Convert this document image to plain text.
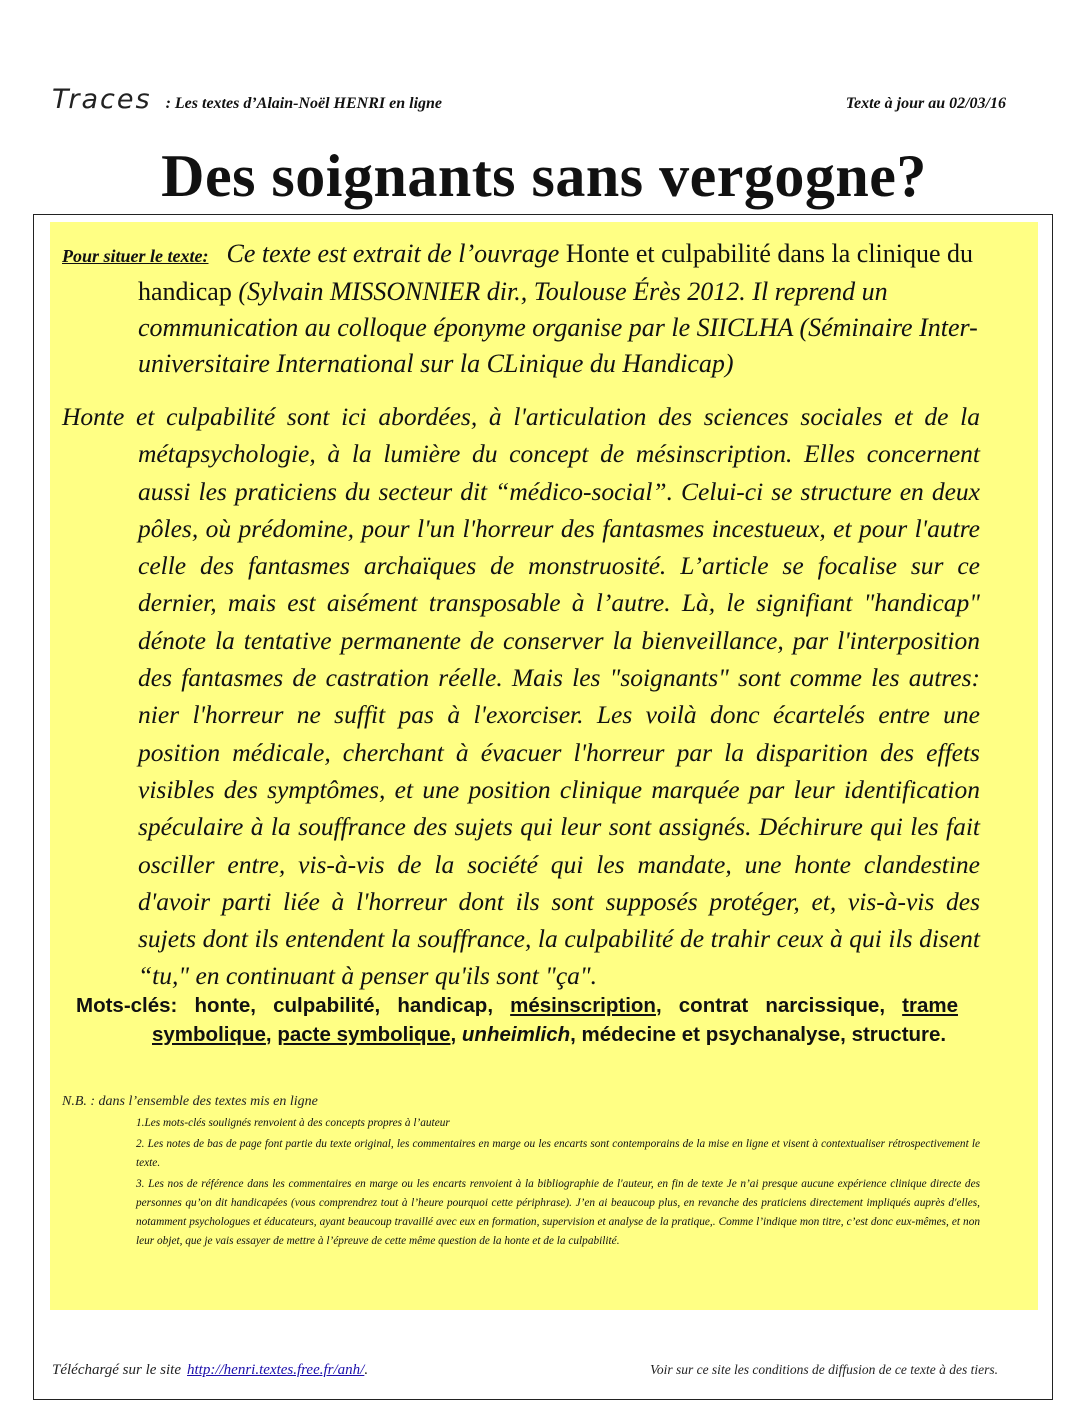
Traces : Les textes d’Alain-Noël HENRI en ligne	Texte à jour au 02/03/16
Des soignants sans vergogne?
Pour situer le texte: Ce texte est extrait de l’ouvrage Honte et culpabilité dans la clinique du handicap (Sylvain MISSONNIER dir., Toulouse Érès 2012. Il reprend un communication au colloque éponyme organise par le SIICLHA (Séminaire Inter-universitaire International sur la CLinique du Handicap)
Honte et culpabilité sont ici abordées, à l'articulation des sciences sociales et de la métapsychologie, à la lumière du concept de mésinscription. Elles concernent aussi les praticiens du secteur dit “médico-social”. Celui-ci se structure en deux pôles, où prédomine, pour l'un l'horreur des fantasmes incestueux, et pour l'autre celle des fantasmes archaïques de monstruosité. L’article se focalise sur ce dernier, mais est aisément transposable à l’autre. Là, le signifiant "handicap" dénote la tentative permanente de conserver la bienveillance, par l'interposition des fantasmes de castration réelle. Mais les "soignants" sont comme les autres: nier l'horreur ne suffit pas à l'exorciser. Les voilà donc écartelés entre une position médicale, cherchant à évacuer l'horreur par la disparition des effets visibles des symptômes, et une position clinique marquée par leur identification spéculaire à la souffrance des sujets qui leur sont assignés. Déchirure qui les fait osciller entre, vis-à-vis de la société qui les mandate, une honte clandestine d'avoir parti liée à l'horreur dont ils sont supposés protéger, et, vis-à-vis des sujets dont ils entendent la souffrance, la culpabilité de trahir ceux à qui ils disent “tu," en continuant à penser qu'ils sont "ça".
Mots-clés: honte, culpabilité, handicap, mésinscription, contrat narcissique, trame symbolique, pacte symbolique, unheimlich, médecine et psychanalyse, structure.
N.B. : dans l’ensemble des textes mis en ligne

1.Les mots-clés soulignés renvoient à des concepts propres à l’auteur

2. Les notes de bas de page font partie du texte original, les commentaires en marge ou les encarts sont contemporains de la mise en ligne et visent à contextualiser rétrospectivement le texte.

3. Les nos de référence dans les commentaires en marge ou les encarts renvoient à la bibliographie de l'auteur, en fin de texte Je n’ai presque aucune expérience clinique directe des personnes qu’on dit handicapées (vous comprendrez tout à l’heure pourquoi cette périphrase). J’en ai beaucoup plus, en revanche des praticiens directement impliqués auprès d'elles, notamment psychologues et éducateurs, ayant beaucoup travaillé avec eux en formation, supervision et analyse de la pratique,. Comme l’indique mon titre, c’est donc eux-mêmes, et non leur objet, que je vais essayer de mettre à l’épreuve de cette même question de la honte et de la culpabilité.

Téléchargé sur le site http://henri.textes.free.fr/anh/ .	Voir sur ce site les conditions de diffusion de ce texte à des tiers.
